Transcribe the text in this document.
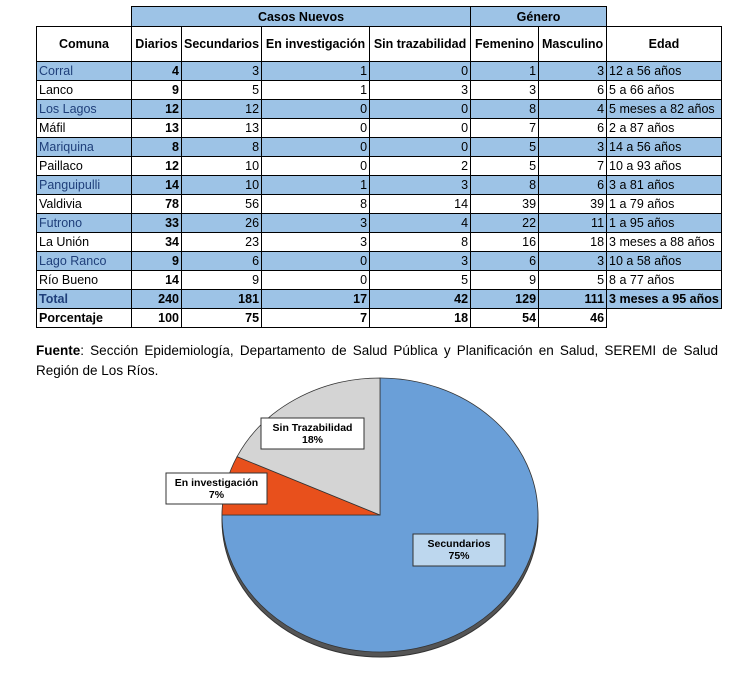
	Casos Nuevos				Género		
Comuna	Diarios	Secundarios	En investigación	Sin trazabilidad	Femenino	Masculino	Edad
Corral	4	3	1	0	1	3	12 a 56 años
Lanco	9	5	1	3	3	6	5 a 66 años
Los Lagos	12	12	0	0	8	4	5 meses a 82 años
Máfil	13	13	0	0	7	6	2 a 87 años
Mariquina	8	8	0	0	5	3	14 a 56 años
Paillaco	12	10	0	2	5	7	10 a 93 años
Panguipulli	14	10	1	3	8	6	3 a 81 años
Valdivia	78	56	8	14	39	39	1 a 79 años
Futrono	33	26	3	4	22	11	1 a 95 años
La Unión	34	23	3	8	16	18	3 meses a 88 años
Lago Ranco	9	6	0	3	6	3	10 a 58 años
Río Bueno	14	9	0	5	9	5	8 a 77 años
Total	240	181	17	42	129	111	3 meses a 95 años
Porcentaje	100	75	7	18	54	46	
Fuente: Sección Epidemiología, Departamento de Salud Pública y Planificación en Salud, SEREMI de Salud Región de Los Ríos.
Secundarios
75%
En investigación
7%
Sin Trazabilidad
18%
